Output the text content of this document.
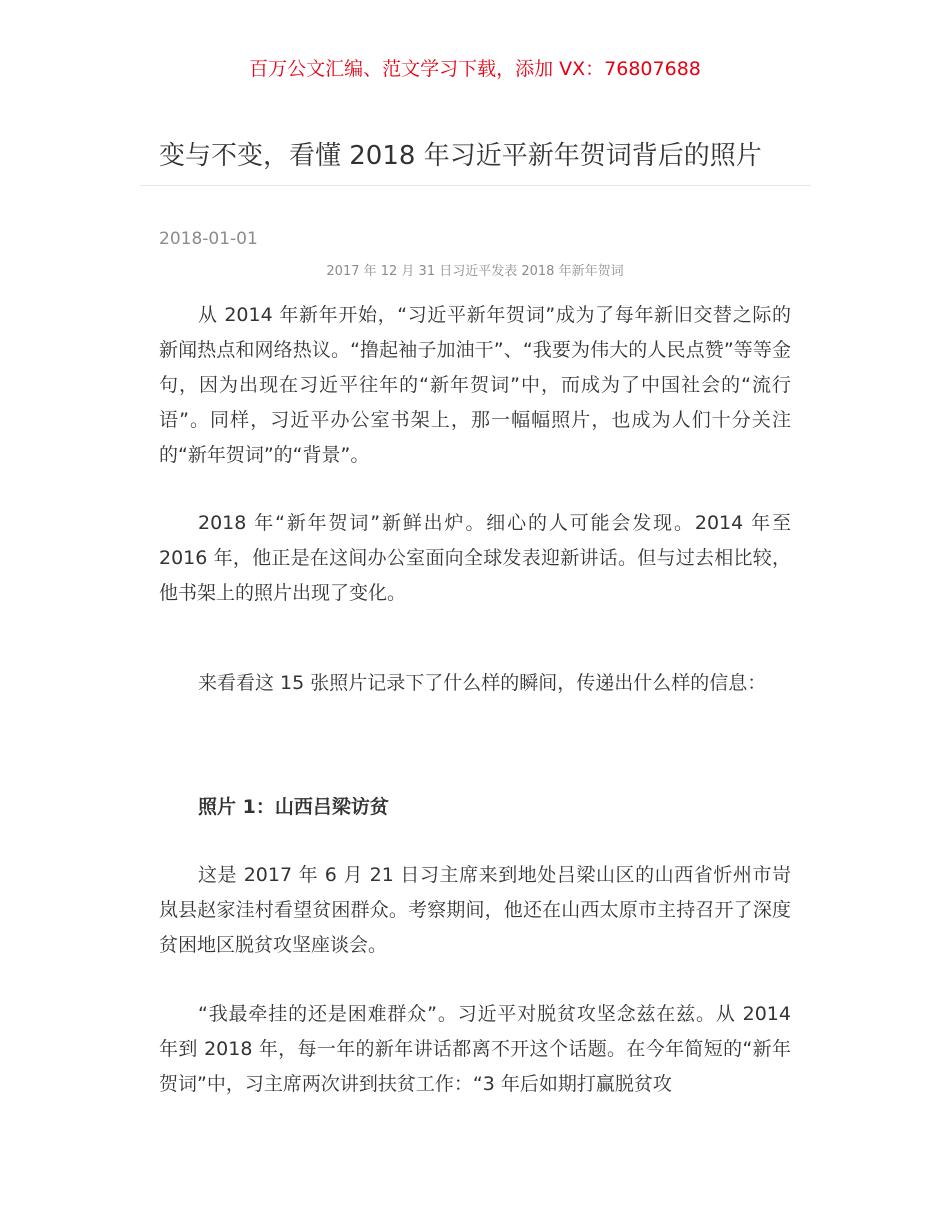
百万公文汇编、范文学习下载，添加 VX：76807688
变与不变，看懂 2018 年习近平新年贺词背后的照片
2018-01-01
2017 年 12 月 31 日习近平发表 2018 年新年贺词

从 2014 年新年开始，“习近平新年贺词”成为了每年新旧交替之际的新闻热点和网络热议。“撸起袖子加油干”、“我要为伟大的人民点赞”等等金句，因为出现在习近平往年的“新年贺词”中，而成为了中国社会的“流行语”。同样，习近平办公室书架上，那一幅幅照片，也成为人们十分关注的“新年贺词”的“背景”。

2018 年“新年贺词”新鲜出炉。细心的人可能会发现。2014 年至 2016 年，他正是在这间办公室面向全球发表迎新讲话。但与过去相比较，他书架上的照片出现了变化。

来看看这 15 张照片记录下了什么样的瞬间，传递出什么样的信息：

照片 1：山西吕梁访贫

这是 2017 年 6 月 21 日习主席来到地处吕梁山区的山西省忻州市岢岚县赵家洼村看望贫困群众。考察期间，他还在山西太原市主持召开了深度贫困地区脱贫攻坚座谈会。

“我最牵挂的还是困难群众”。习近平对脱贫攻坚念兹在兹。从 2014 年到 2018 年，每一年的新年讲话都离不开这个话题。在今年简短的“新年贺词”中，习主席两次讲到扶贫工作：“3 年后如期打赢脱贫攻
